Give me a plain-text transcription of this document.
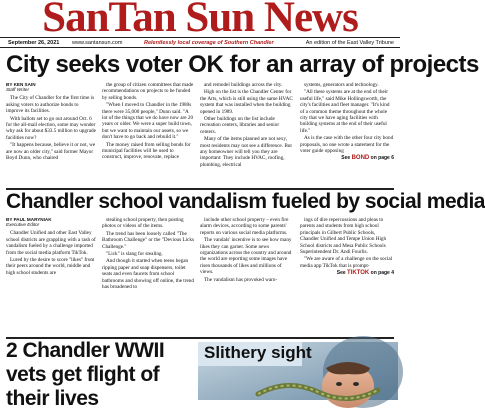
SanTan Sun News
September 26, 2021 www.santansun.com	Relentlessly local coverage of Southern Chandler	An edition of the East Valley Tribune
City seeks voter OK for an array of projects
BY KEN SAIN
Staff Writer

The City of Chandler for the first time is asking voters to authorize bonds to improve its facilities.

With ballots set to go out around Oct. 6 for the all-mail election, some may wonder why ask for about $33.5 million to upgrade facilities now?

"It happens because, believe it or not, we are now an older city," said former Mayor Boyd Dunn, who chaired

the group of citizen committees that made recommendations on projects to be funded by selling bonds.

"When I moved to Chandler in the 1980s there were 35,000 people," Dunn said. "A lot of the things that we do have now are 20 years or older. We were a super build town, but we want to maintain our assets, so we don't have to go back and rebuild it."

The money raised from selling bonds for municipal facilities will be used to construct, improve, renovate, replace

and remodel buildings across the city.

High on the list is the Chandler Center for the Arts, which is still using the same HVAC system that was installed when the building opened in 1989.

Other buildings on the list include recreation centers, libraries and senior centers.

Many of the items planned are not sexy, most residents may not see a difference. But any homeowner will tell you they are important: They include HVAC, roofing, plumbing, electrical

systems, generators and technology.

"All these systems are at the end of their useful life," said Mike Hollingsworth, the city's facilities and fleet manager. "It's kind of a common theme throughout the whole city that we have aging facilities with building systems at the end of their useful life."

As is the case with the other four city bond proposals, no one wrote a statement for the voter guide opposing

See BOND on page 6
Chandler school vandalism fueled by social media
BY PAUL MARYNIAK
Executive Editor

Chandler Unified and other East Valley school districts are grappling with a rash of vandalism fueled by a challenge imported from the social media platform TikTok.

Lured by the desire to score "likes" from their peers around the world, middle and high school students are

stealing school property, then posting photos or videos of the items.

The trend has been loosely called "The Bathroom Challenge" or the "Devious Licks Challenge."

"Lick" is slang for stealing.

And though it started when teens began ripping paper and soap dispensers, toilet seats and even faucets from school bathrooms and showing off online, the trend has broadened to

include other school property – even fire alarm devices, according to some parents' reports on various social media platforms.

The vandals' incentive is to see how many likes they can garner. Some news organizations across the country and around the world are reporting some images have risen thousands of likes and millions of views.

The vandalism has provoked warn-

ings of dire repercussions and pleas to parents and students from high school principals in Gilbert Public Schools, Chandler Unified and Tempe Union High School districts and Mesa Public Schools Superintendent Dr. Andi Fourlis.

"We are aware of a challenge on the social media app TikTok that is prompt-

See TIKTOK on page 4
2 Chandler WWII vets get flight of their lives

Slithery sight
